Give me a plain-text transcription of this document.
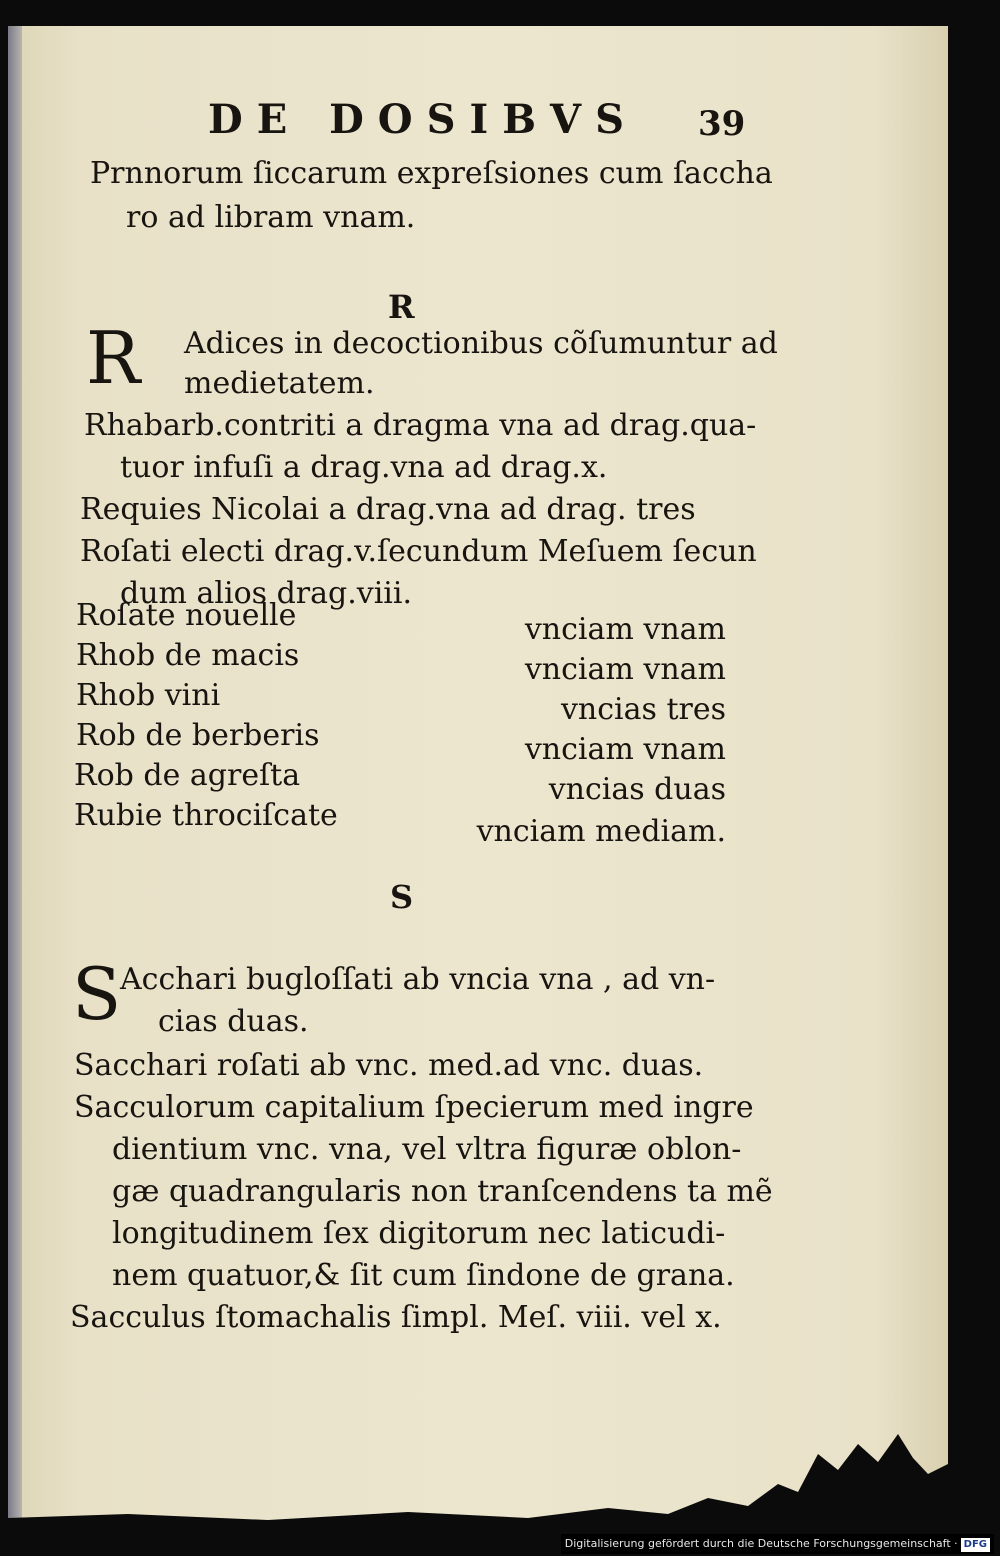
DE DOSIBVS 39
Prnnorum ſiccarum expreſsiones cum ſaccha
ro ad libram vnam.
R
R Adices in decoctionibus cõſumuntur ad
medietatem.
Rhabarb.contriti a dragma vna ad drag.qua-
tuor infuſi a drag.vna ad drag.x.
Requies Nicolai a drag.vna ad drag. tres
Roſati electi drag.v.ſecundum Meſuem ſecun
dum alios drag.viii.
Roſate nouelle	vnciam vnam
Rhob de macis	vnciam vnam
Rhob vini	vncias tres
Rob de berberis	vnciam vnam
Rob de agreſta	vncias duas
Rubie throciſcate	vnciam mediam.
S
S
Acchari bugloſſati ab vncia vna , ad vn-
cias duas.
Sacchari roſati ab vnc. med.ad vnc. duas.
Sacculorum capitalium ſpecierum med ingre
dientium vnc. vna, vel vltra figuræ oblon-
gæ quadrangularis non tranſcendens ta mẽ
longitudinem ſex digitorum nec laticudi-
nem quatuor,& ſit cum ſindone de grana.
Sacculus ſtomachalis ſimpl. Meſ. viii. vel x.
Digitalisierung gefördert durch die Deutsche Forschungsgemeinschaft · DFG
